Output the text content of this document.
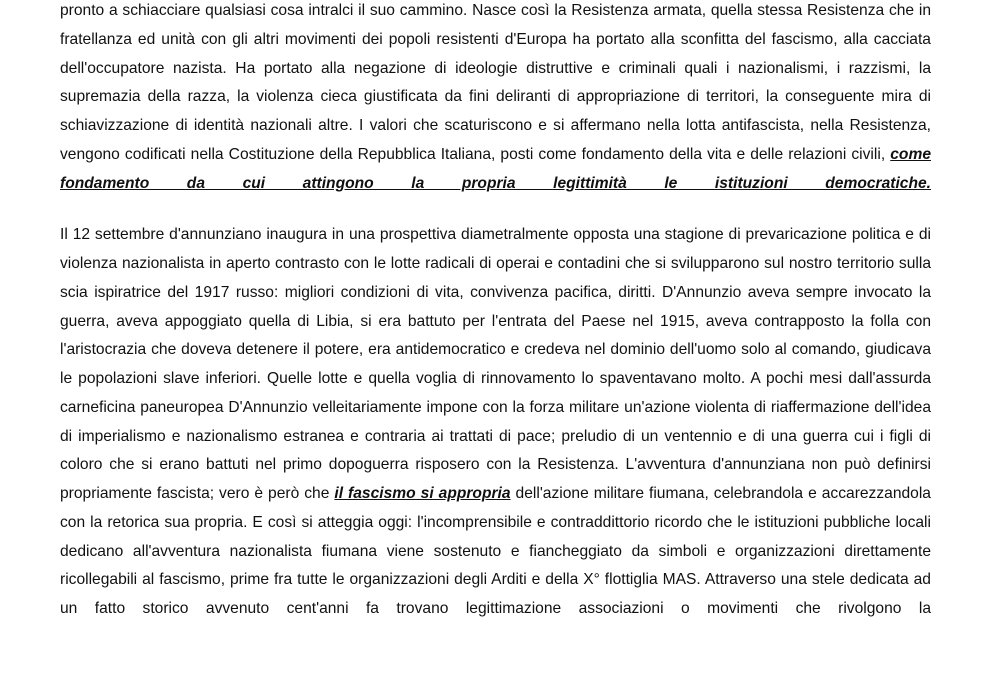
pronto a schiacciare qualsiasi cosa intralci il suo cammino. Nasce così la Resistenza armata, quella stessa Resistenza che in fratellanza ed unità con gli altri movimenti dei popoli resistenti d'Europa ha portato alla sconfitta del fascismo, alla cacciata dell'occupatore nazista. Ha portato alla negazione di ideologie distruttive e criminali quali i nazionalismi, i razzismi, la supremazia della razza, la violenza cieca giustificata da fini deliranti di appropriazione di territori, la conseguente mira di schiavizzazione di identità nazionali altre. I valori che scaturiscono e si affermano nella lotta antifascista, nella Resistenza, vengono codificati nella Costituzione della Repubblica Italiana, posti come fondamento della vita e delle relazioni civili, come fondamento da cui attingono la propria legittimità le istituzioni democratiche.

Il 12 settembre d'annunziano inaugura in una prospettiva diametralmente opposta una stagione di prevaricazione politica e di violenza nazionalista in aperto contrasto con le lotte radicali di operai e contadini che si svilupparono sul nostro territorio sulla scia ispiratrice del 1917 russo: migliori condizioni di vita, convivenza pacifica, diritti. D'Annunzio aveva sempre invocato la guerra, aveva appoggiato quella di Libia, si era battuto per l'entrata del Paese nel 1915, aveva contrapposto la folla con l'aristocrazia che doveva detenere il potere, era antidemocratico e credeva nel dominio dell'uomo solo al comando, giudicava le popolazioni slave inferiori. Quelle lotte e quella voglia di rinnovamento lo spaventavano molto. A pochi mesi dall'assurda carneficina paneuropea D'Annunzio velleitariamente impone con la forza militare un'azione violenta di riaffermazione dell'idea di imperialismo e nazionalismo estranea e contraria ai trattati di pace; preludio di un ventennio e di una guerra cui i figli di coloro che si erano battuti nel primo dopoguerra risposero con la Resistenza. L'avventura d'annunziana non può definirsi propriamente fascista; vero è però che il fascismo si appropria dell'azione militare fiumana, celebrandola e accarezzandola con la retorica sua propria. E così si atteggia oggi: l'incomprensibile e contraddittorio ricordo che le istituzioni pubbliche locali dedicano all'avventura nazionalista fiumana viene sostenuto e fiancheggiato da simboli e organizzazioni direttamente ricollegabili al fascismo, prime fra tutte le organizzazioni degli Arditi e della X° flottiglia MAS. Attraverso una stele dedicata ad un fatto storico avvenuto cent'anni fa trovano legittimazione associazioni o movimenti che rivolgono la
